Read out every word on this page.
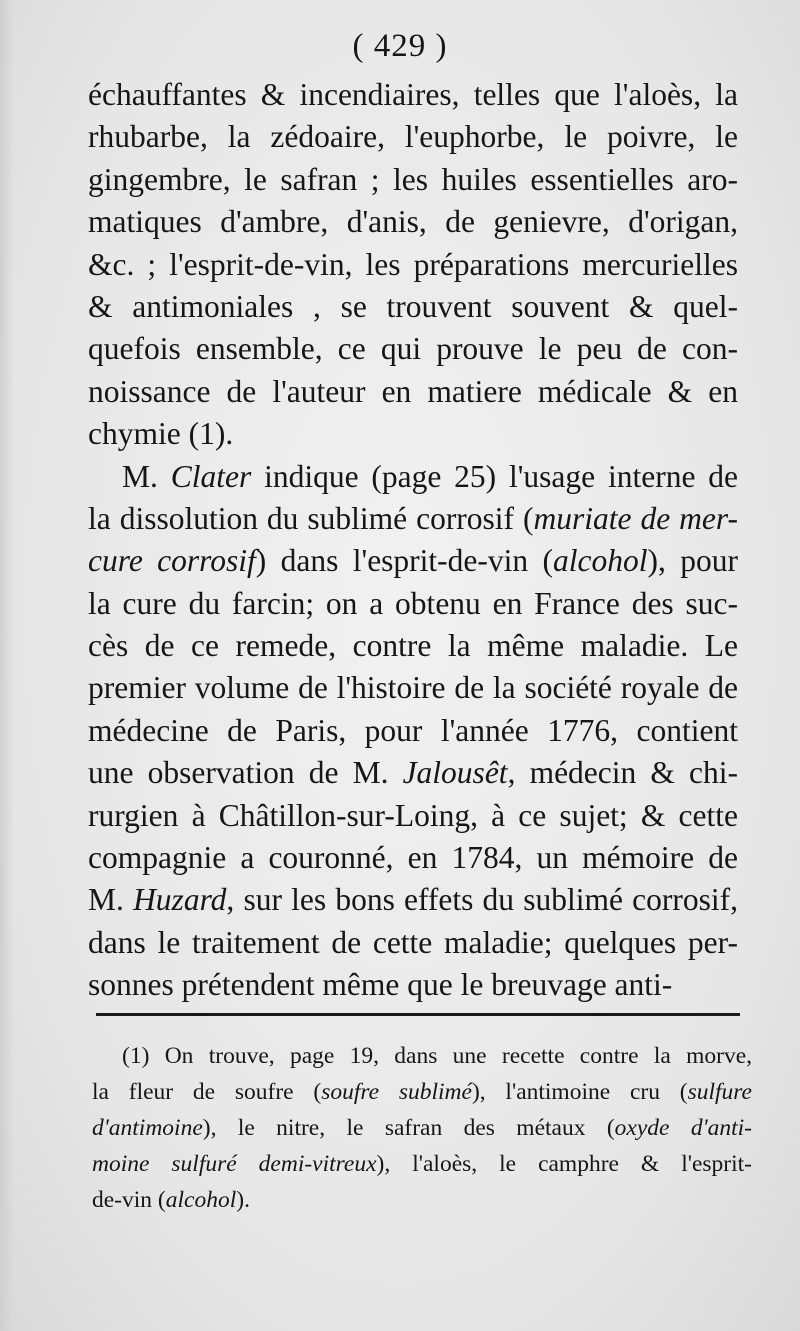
( 429 )
échauffantes & incendiaires, telles que l'aloès, la
rhubarbe, la zédoaire, l'euphorbe, le poivre, le
gingembre, le safran ; les huiles essentielles aro-
matiques d'ambre, d'anis, de genievre, d'origan,
&c. ; l'esprit-de-vin, les préparations mercurielles
& antimoniales , se trouvent souvent & quel-
quefois ensemble, ce qui prouve le peu de con-
noissance de l'auteur en matiere médicale & en
chymie (1).
M. Clater indique (page 25) l'usage interne de
la dissolution du sublimé corrosif (muriate de mer-
cure corrosif) dans l'esprit-de-vin (alcohol), pour
la cure du farcin; on a obtenu en France des suc-
cès de ce remede, contre la même maladie. Le
premier volume de l'histoire de la société royale de
médecine de Paris, pour l'année 1776, contient
une observation de M. Jalousêt, médecin & chi-
rurgien à Châtillon-sur-Loing, à ce sujet; & cette
compagnie a couronné, en 1784, un mémoire de
M. Huzard, sur les bons effets du sublimé corrosif,
dans le traitement de cette maladie; quelques per-
sonnes prétendent même que le breuvage anti-
(1) On trouve, page 19, dans une recette contre la morve,
la fleur de soufre (soufre sublimé), l'antimoine cru (sulfure
d'antimoine), le nitre, le safran des métaux (oxyde d'anti-
moine sulfuré demi-vitreux), l'aloès, le camphre & l'esprit-
de-vin (alcohol).
